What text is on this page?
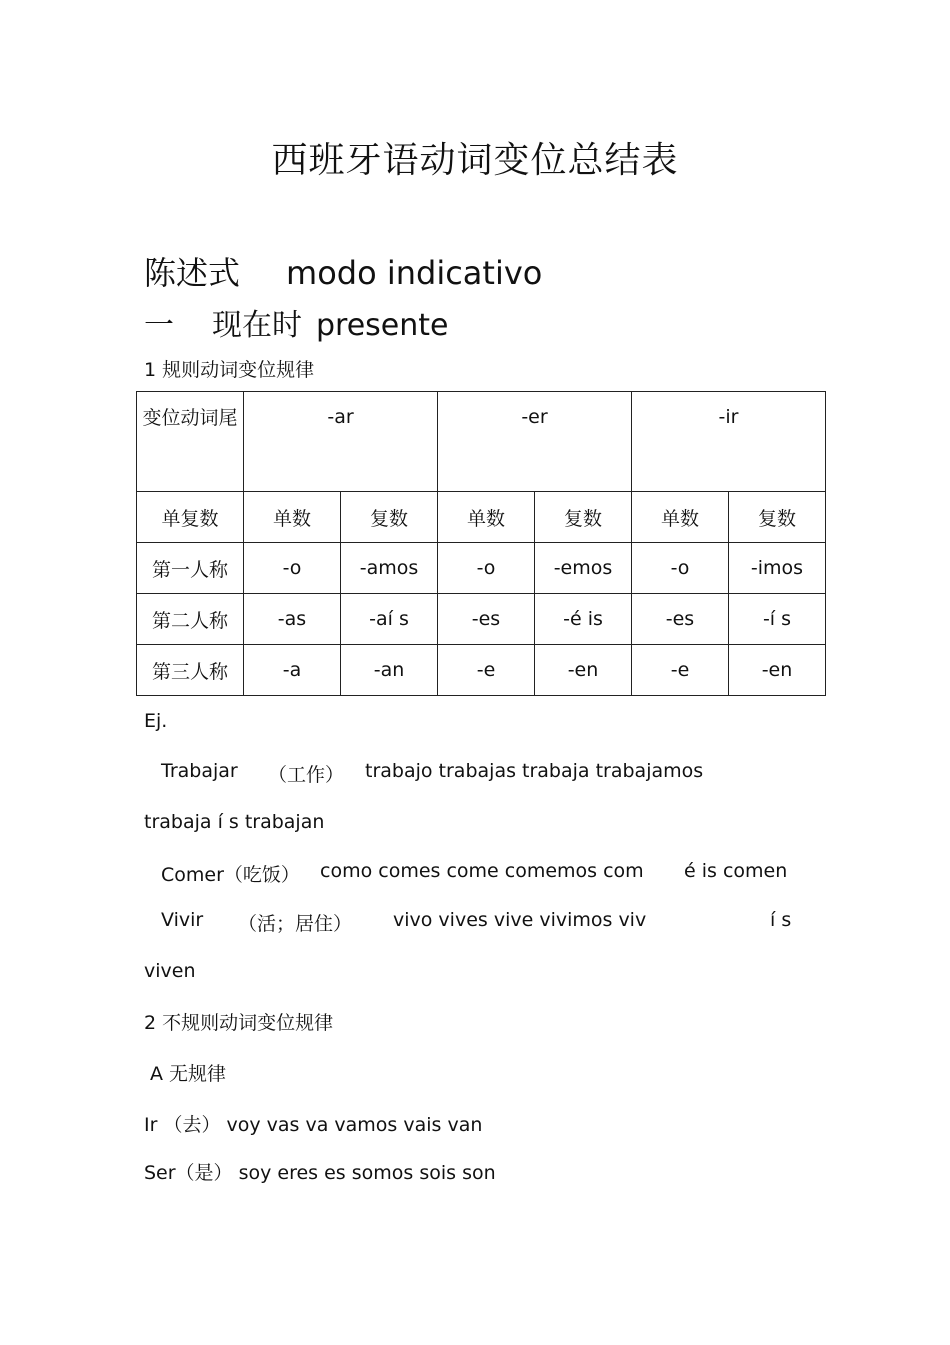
西班牙语动词变位总结表
陈述式 modo indicativo
一 现在时 presente
1 规则动词变位规律
变位动词尾	-ar		-er		-ir	

单复数	单数	复数	单数	复数	单数	复数
第一人称	-o	-amos	-o	-emos	-o	-imos
第二人称	-as	-aí s	-es	-é is	-es	-í s
第三人称	-a	-an	-e	-en	-e	-en
Ej.
Trabajar （工作） trabajo trabajas trabaja trabajamos
trabaja í s trabajan
Comer（吃饭） como comes come comemos com é is comen
Vivir （活；居住） vivo vives vive vivimos viv	í s
viven
2 不规则动词变位规律
A 无规律
Ir （去） voy vas va vamos vais van
Ser（是） soy eres es somos sois son
